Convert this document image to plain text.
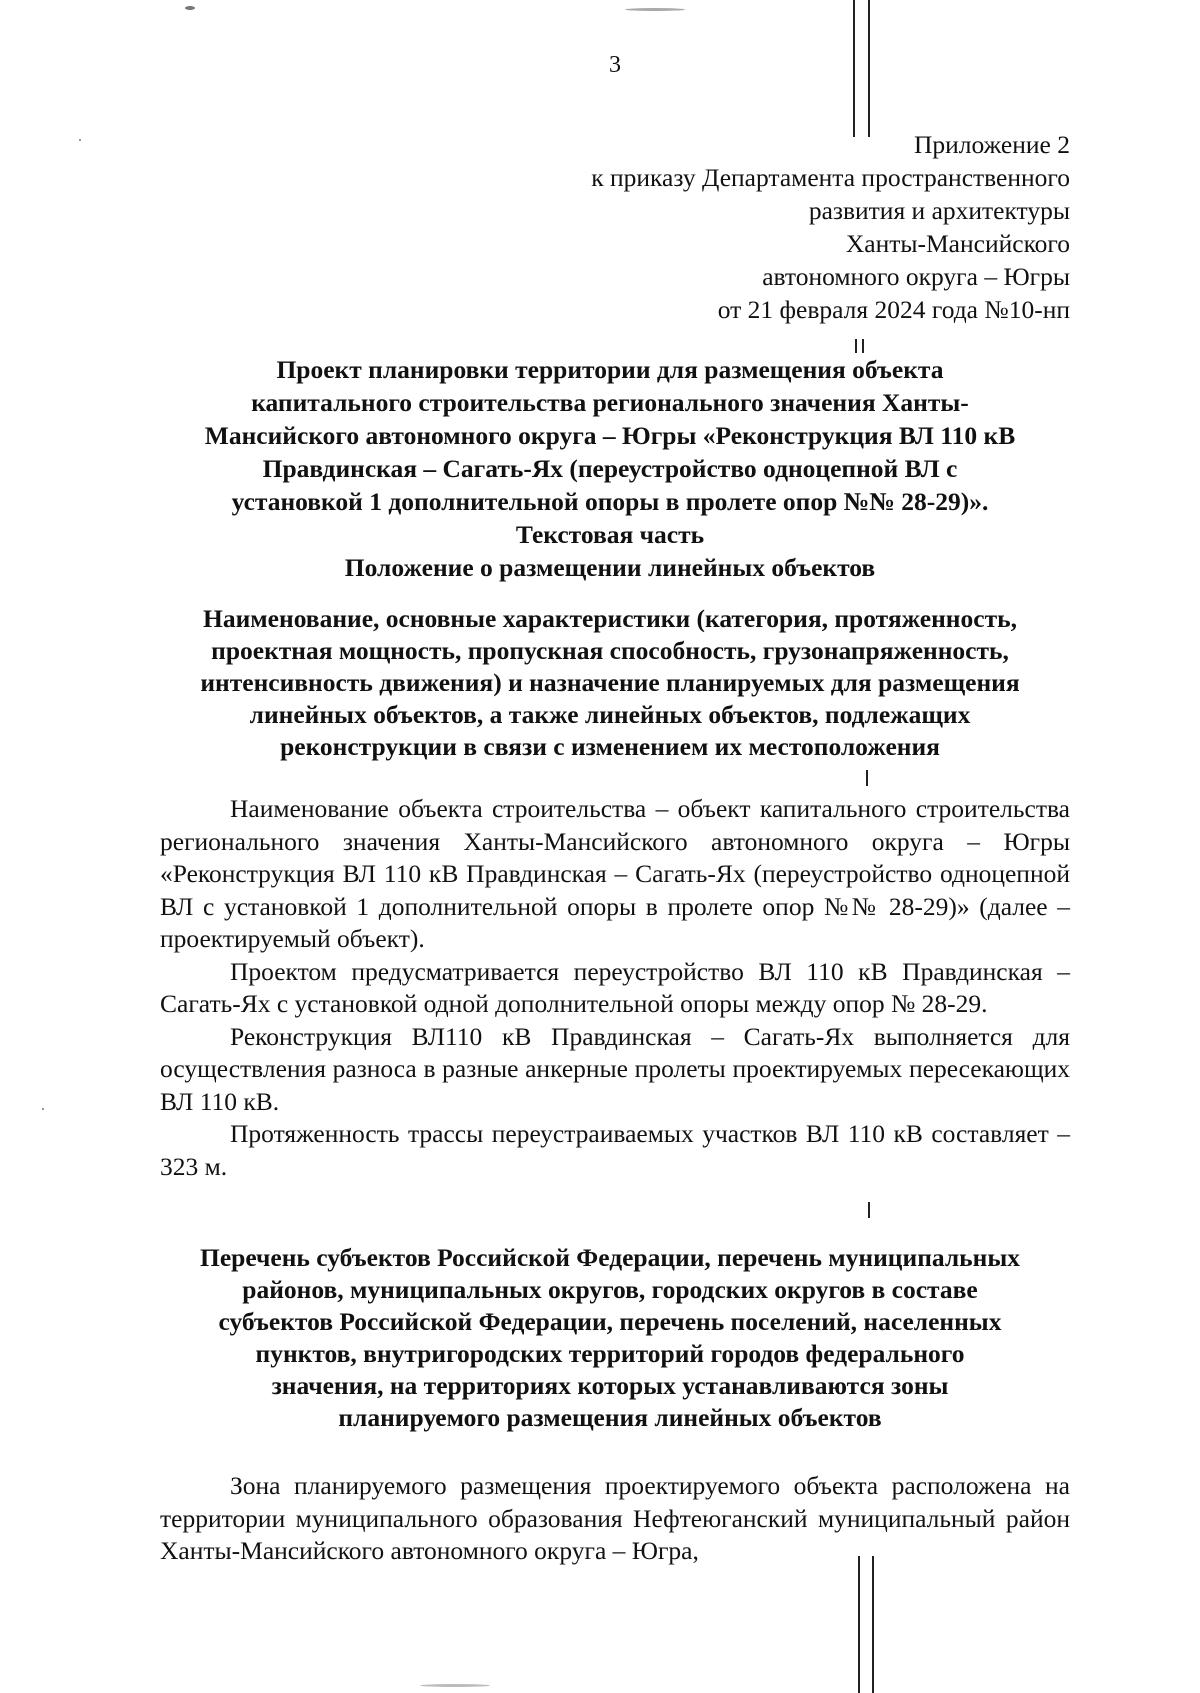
3
Приложение 2
к приказу Департамента пространственного
развития и архитектуры
Ханты-Мансийского
автономного округа – Югры
от 21 февраля 2024 года №10-нп
Проект планировки территории для размещения объекта
капитального строительства регионального значения Ханты-
Мансийского автономного округа – Югры «Реконструкция ВЛ 110 кВ
Правдинская – Сагать-Ях (переустройство одноцепной ВЛ с
установкой 1 дополнительной опоры в пролете опор №№ 28-29)».
Текстовая часть
Положение о размещении линейных объектов
Наименование, основные характеристики (категория, протяженность,
проектная мощность, пропускная способность, грузонапряженность,
интенсивность движения) и назначение планируемых для размещения
линейных объектов, а также линейных объектов, подлежащих
реконструкции в связи с изменением их местоположения

Наименование объекта строительства – объект капитального строительства регионального значения Ханты-Мансийского автономного округа – Югры «Реконструкция ВЛ 110 кВ Правдинская – Сагать-Ях (переустройство одноцепной ВЛ с установкой 1 дополнительной опоры в пролете опор №№ 28-29)» (далее – проектируемый объект).

Проектом предусматривается переустройство ВЛ 110 кВ Правдинская – Сагать-Ях с установкой одной дополнительной опоры между опор № 28-29.

Реконструкция ВЛ110 кВ Правдинская – Сагать-Ях выполняется для осуществления разноса в разные анкерные пролеты проектируемых пересекающих ВЛ 110 кВ.

Протяженность трассы переустраиваемых участков ВЛ 110 кВ составляет – 323 м.

Перечень субъектов Российской Федерации, перечень муниципальных
районов, муниципальных округов, городских округов в составе
субъектов Российской Федерации, перечень поселений, населенных
пунктов, внутригородских территорий городов федерального
значения, на территориях которых устанавливаются зоны
планируемого размещения линейных объектов

Зона планируемого размещения проектируемого объекта расположена на территории муниципального образования Нефтеюганский муниципальный район Ханты-Мансийского автономного округа – Югра,
